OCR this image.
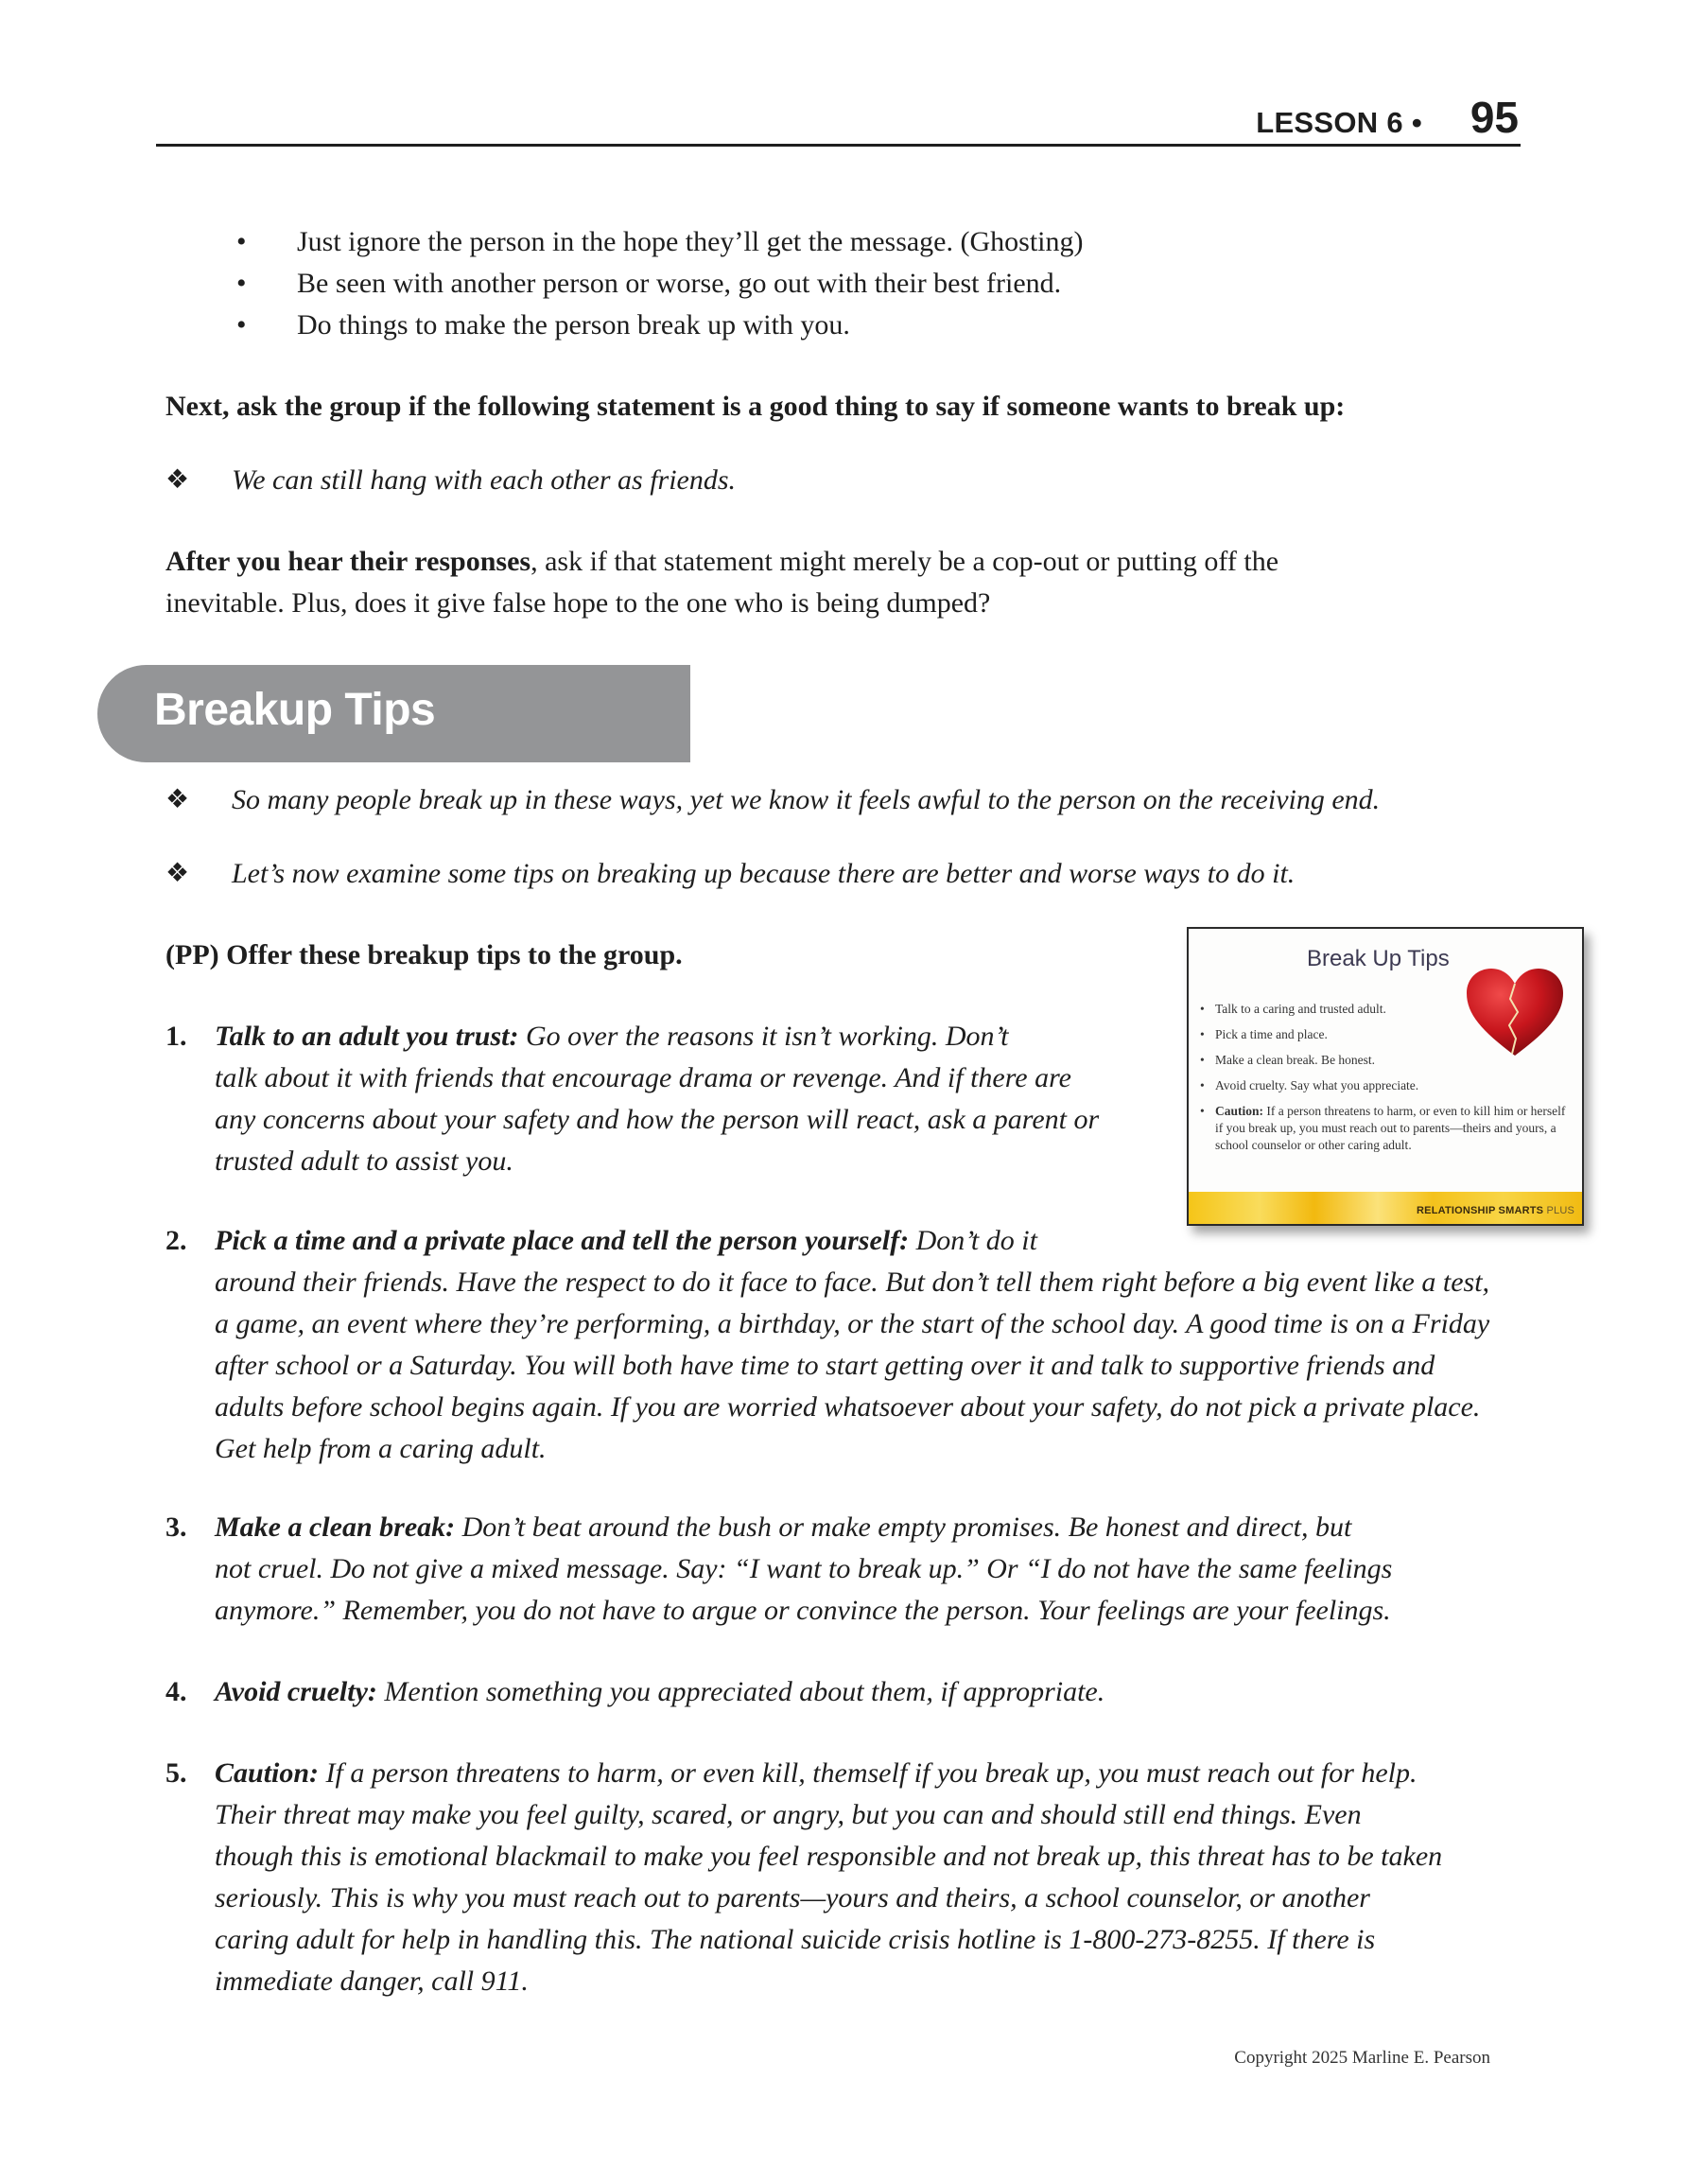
LESSON 6 • 95
• Just ignore the person in the hope they’ll get the message. (Ghosting)
• Be seen with another person or worse, go out with their best friend.
• Do things to make the person break up with you.

Next, ask the group if the following statement is a good thing to say if someone wants to break up:

❖ We can still hang with each other as friends.

After you hear their responses, ask if that statement might merely be a cop-out or putting off the
inevitable. Plus, does it give false hope to the one who is being dumped?

Breakup Tips
❖ So many people break up in these ways, yet we know it feels awful to the person on the receiving end.
❖ Let’s now examine some tips on breaking up because there are better and worse ways to do it.

(PP) Offer these breakup tips to the group.

1. Talk to an adult you trust: Go over the reasons it isn’t working. Don’t
talk about it with friends that encourage drama or revenge. And if there are
any concerns about your safety and how the person will react, ask a parent or
trusted adult to assist you.
2. Pick a time and a private place and tell the person yourself: Don’t do it
around their friends. Have the respect to do it face to face. But don’t tell them right before a big event like a test,
a game, an event where they’re performing, a birthday, or the start of the school day. A good time is on a Friday
after school or a Saturday. You will both have time to start getting over it and talk to supportive friends and
adults before school begins again. If you are worried whatsoever about your safety, do not pick a private place.
Get help from a caring adult.
3. Make a clean break: Don’t beat around the bush or make empty promises. Be honest and direct, but
not cruel. Do not give a mixed message. Say: “I want to break up.” Or “I do not have the same feelings
anymore.” Remember, you do not have to argue or convince the person. Your feelings are your feelings.
4. Avoid cruelty: Mention something you appreciated about them, if appropriate.
5. Caution: If a person threatens to harm, or even kill, themself if you break up, you must reach out for help.
Their threat may make you feel guilty, scared, or angry, but you can and should still end things. Even
though this is emotional blackmail to make you feel responsible and not break up, this threat has to be taken
seriously. This is why you must reach out to parents—yours and theirs, a school counselor, or another
caring adult for help in handling this. The national suicide crisis hotline is 1-800-273-8255. If there is
immediate danger, call 911.
Break Up Tips
• Talk to a caring and trusted adult.
• Pick a time and place.
• Make a clean break. Be honest.
• Avoid cruelty. Say what you appreciate.
• Caution: If a person threatens to harm, or even to kill him or herself if you break up, you must reach out to parents—theirs and yours, a school counselor or other caring adult.
RELATIONSHIP SMARTS PLUS
Copyright 2025 Marline E. Pearson
